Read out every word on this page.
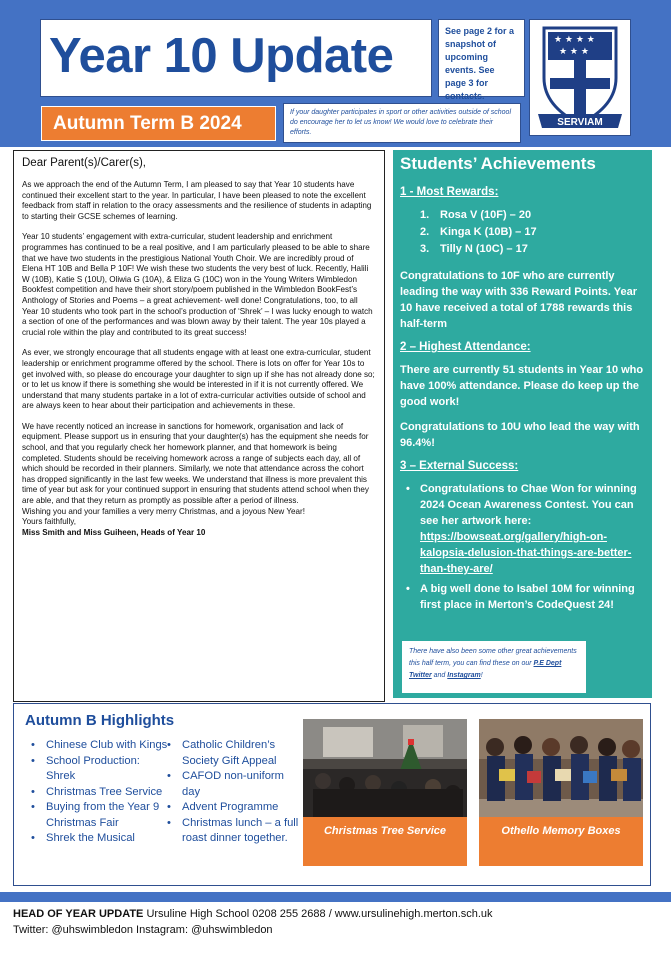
Year 10 Update
Autumn Term B 2024
See page 2 for a snapshot of upcoming events. See page 3 for contacts.
If your daughter participates in sport or other activities outside of school do encourage her to let us know! We would love to celebrate their efforts.
★ ★ ★ ★
★ ★ ★
SERVIAM
Dear Parent(s)/Carer(s),

As we approach the end of the Autumn Term, I am pleased to say that Year 10 students have continued their excellent start to the year. In particular, I have been pleased to note the excellent feedback from staff in relation to the oracy assessments and the resilience of students in adapting to starting their GCSE schemes of learning.

Year 10 students’ engagement with extra-curricular, student leadership and enrichment programmes has continued to be a real positive, and I am particularly pleased to be able to share that we have two students in the prestigious National Youth Choir. We are incredibly proud of Elena HT 10B and Bella P 10F! We wish these two students the very best of luck. Recently, Halili W (10B), Katie S (10U), Oliwia G (10A), & Eliza G (10C) won in the Young Writers Wimbledon Bookfest competition and have their short story/poem published in the Wimbledon BookFest’s Anthology of Stories and Poems – a great achievement- well done! Congratulations, too, to all Year 10 students who took part in the school’s production of ‘Shrek’ – I was lucky enough to watch a section of one of the performances and was blown away by their talent. The year 10s played a crucial role within the play and contributed to its great success!

As ever, we strongly encourage that all students engage with at least one extra-curricular, student leadership or enrichment programme offered by the school. There is lots on offer for Year 10s to get involved with, so please do encourage your daughter to sign up if she has not already done so; or to let us know if there is something she would be interested in if it is not currently offered. We understand that many students partake in a lot of extra-curricular activities outside of school and are always keen to hear about their participation and achievements in these.

We have recently noticed an increase in sanctions for homework, organisation and lack of equipment. Please support us in ensuring that your daughter(s) has the equipment she needs for school, and that you regularly check her homework planner, and that homework is being completed. Students should be receiving homework across a range of subjects each day, all of which should be recorded in their planners. Similarly, we note that attendance across the cohort has dropped significantly in the last few weeks. We understand that illness is more prevalent this time of year but ask for your continued support in ensuring that students attend school when they are able, and that they return as promptly as possible after a period of illness.

Wishing you and your families a very merry Christmas, and a joyous New Year!

Yours faithfully,

Miss Smith and Miss Guiheen, Heads of Year 10
Students’ Achievements
1 - Most Rewards:
1. Rosa V (10F) – 20
2. Kinga K (10B) – 17
3. Tilly N (10C) – 17

Congratulations to 10F who are currently leading the way with 336 Reward Points. Year 10 have received a total of 1788 rewards this half-term

2 – Highest Attendance:

There are currently 51 students in Year 10 who have 100% attendance. Please do keep up the good work!

Congratulations to 10U who lead the way with 96.4%!

3 – External Success:
• Congratulations to Chae Won for winning 2024 Ocean Awareness Contest. You can see her artwork here: https://bowseat.org/gallery/high-on-kalopsia-delusion-that-things-are-better-than-they-are/
• A big well done to Isabel 10M for winning first place in Merton’s CodeQuest 24!
There have also been some other great achievements this half term, you can find these on our P.E Dept Twitter and Instagram!
Autumn B Highlights
• Chinese Club with Kings
• School Production: Shrek
• Christmas Tree Service
• Buying from the Year 9 Christmas Fair
• Shrek the Musical
• Catholic Children’s Society Gift Appeal
• CAFOD non-uniform day
• Advent Programme
• Christmas lunch – a full roast dinner together.
Christmas Tree Service	Othello Memory Boxes
HEAD OF YEAR UPDATE Ursuline High School 0208 255 2688 / www.ursulinehigh.merton.sch.uk
Twitter: @uhswimbledon Instagram: @uhswimbledon
